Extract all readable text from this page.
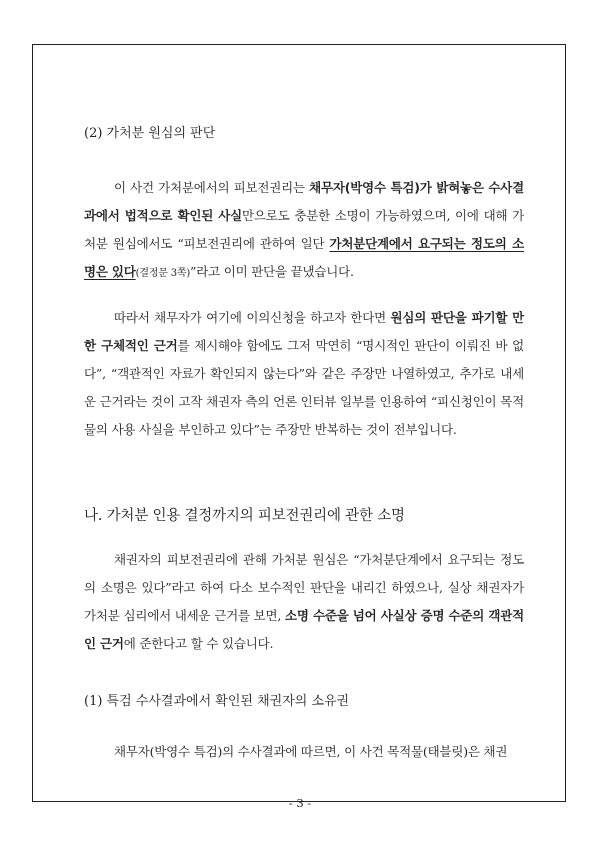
(2) 가처분 원심의 판단
이 사건 가처분에서의 피보전권리는 채무자(박영수 특검)가 밝혀놓은 수사결과에서 법적으로 확인된 사실만으로도 충분한 소명이 가능하였으며, 이에 대해 가처분 원심에서도 “피보전권리에 관하여 일단 가처분단계에서 요구되는 정도의 소명은 있다(결정문 3쪽)”라고 이미 판단을 끝냈습니다.
따라서 채무자가 여기에 이의신청을 하고자 한다면 원심의 판단을 파기할 만한 구체적인 근거를 제시해야 함에도 그저 막연히 “명시적인 판단이 이뤄진 바 없다”, “객관적인 자료가 확인되지 않는다”와 같은 주장만 나열하였고, 추가로 내세운 근거라는 것이 고작 채권자 측의 언론 인터뷰 일부를 인용하여 “피신청인이 목적물의 사용 사실을 부인하고 있다”는 주장만 반복하는 것이 전부입니다.
나. 가처분 인용 결정까지의 피보전권리에 관한 소명
채권자의 피보전권리에 관해 가처분 원심은 “가처분단계에서 요구되는 정도의 소명은 있다”라고 하여 다소 보수적인 판단을 내리긴 하였으나, 실상 채권자가 가처분 심리에서 내세운 근거를 보면, 소명 수준을 넘어 사실상 증명 수준의 객관적인 근거에 준한다고 할 수 있습니다.
(1) 특검 수사결과에서 확인된 채권자의 소유권
채무자(박영수 특검)의 수사결과에 따르면, 이 사건 목적물(태블릿)은 채권
- 3 -
